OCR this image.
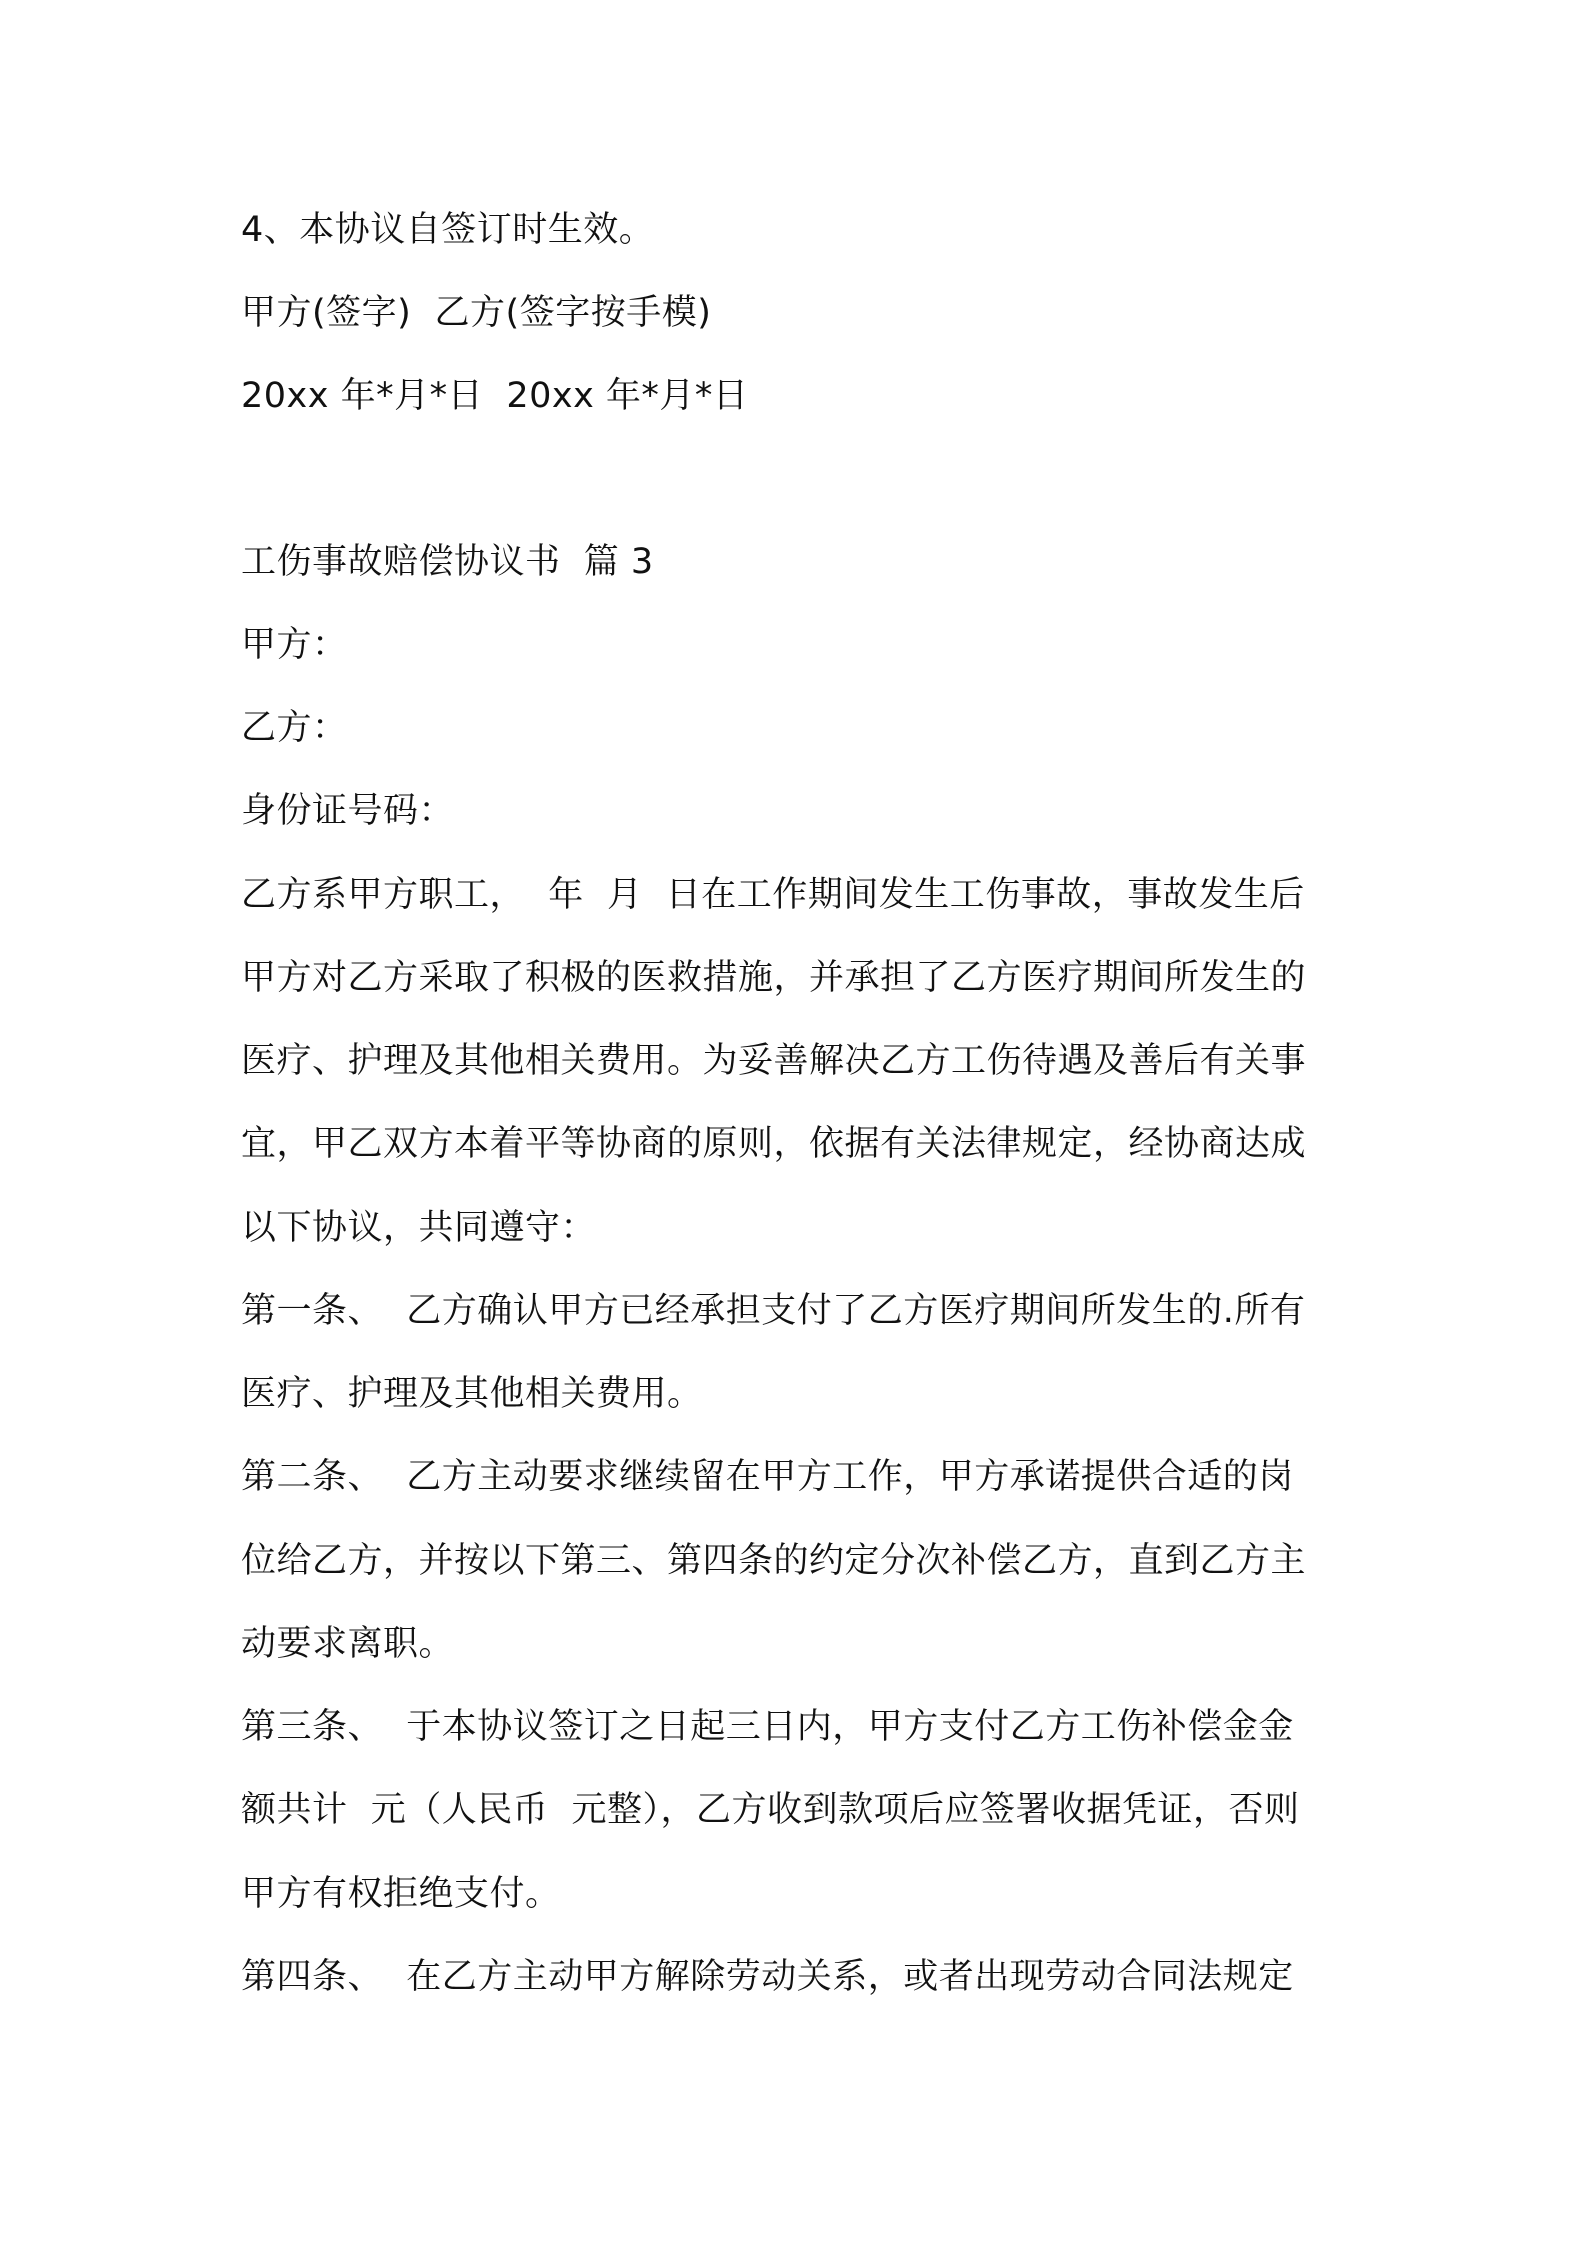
4、本协议自签订时生效。

甲方(签字)  乙方(签字按手模)

20xx 年*月*日  20xx 年*月*日

工伤事故赔偿协议书  篇 3

甲方：

乙方：

身份证号码：

乙方系甲方职工，  年  月  日在工作期间发生工伤事故，事故发生后

甲方对乙方采取了积极的医救措施，并承担了乙方医疗期间所发生的

医疗、护理及其他相关费用。为妥善解决乙方工伤待遇及善后有关事

宜，甲乙双方本着平等协商的原则，依据有关法律规定，经协商达成

以下协议，共同遵守：

第一条、  乙方确认甲方已经承担支付了乙方医疗期间所发生的.所有

医疗、护理及其他相关费用。

第二条、  乙方主动要求继续留在甲方工作，甲方承诺提供合适的岗

位给乙方，并按以下第三、第四条的约定分次补偿乙方，直到乙方主

动要求离职。

第三条、  于本协议签订之日起三日内，甲方支付乙方工伤补偿金金

额共计  元（人民币  元整），乙方收到款项后应签署收据凭证，否则

甲方有权拒绝支付。

第四条、  在乙方主动甲方解除劳动关系，或者出现劳动合同法规定
